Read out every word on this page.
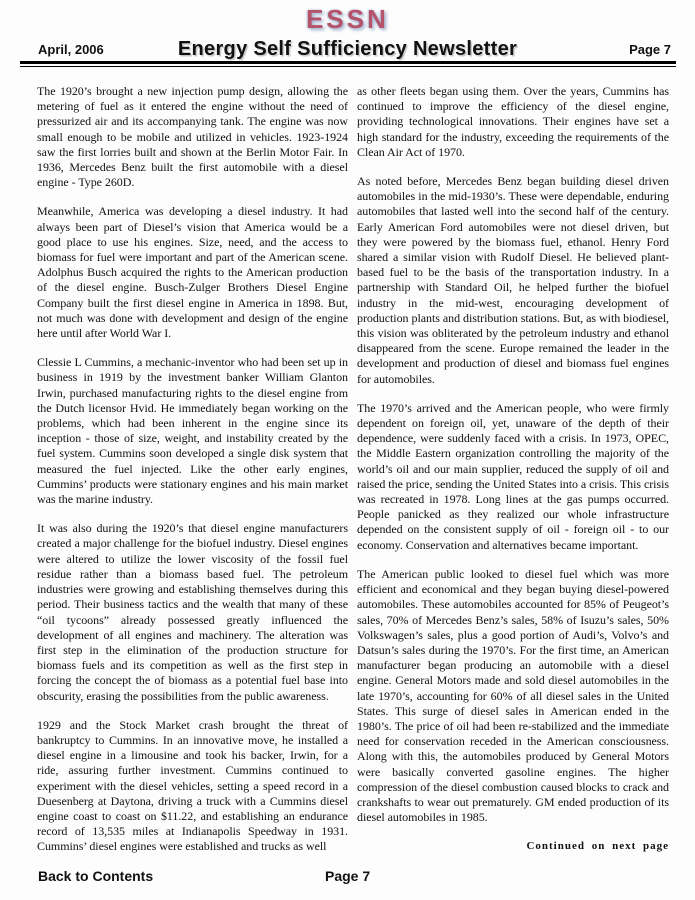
ESSN
April, 2006	Energy Self Sufficiency Newsletter	Page 7

The 1920’s brought a new injection pump design, allowing the metering of fuel as it entered the engine without the need of pressurized air and its accompanying tank. The engine was now small enough to be mobile and utilized in vehicles. 1923-1924 saw the first lorries built and shown at the Berlin Motor Fair. In 1936, Mercedes Benz built the first automobile with a diesel engine - Type 260D.

Meanwhile, America was developing a diesel industry. It had always been part of Diesel’s vision that America would be a good place to use his engines. Size, need, and the access to biomass for fuel were important and part of the American scene. Adolphus Busch acquired the rights to the American production of the diesel engine. Busch-Zulger Brothers Diesel Engine Company built the first diesel engine in America in 1898. But, not much was done with development and design of the engine here until after World War I.

Clessie L Cummins, a mechanic-inventor who had been set up in business in 1919 by the investment banker William Glanton Irwin, purchased manufacturing rights to the diesel engine from the Dutch licensor Hvid. He immediately began working on the problems, which had been inherent in the engine since its inception - those of size, weight, and instability created by the fuel system. Cummins soon developed a single disk system that measured the fuel injected. Like the other early engines, Cummins’ products were stationary engines and his main market was the marine industry.

It was also during the 1920’s that diesel engine manufacturers created a major challenge for the biofuel industry. Diesel engines were altered to utilize the lower viscosity of the fossil fuel residue rather than a biomass based fuel. The petroleum industries were growing and establishing themselves during this period. Their business tactics and the wealth that many of these “oil tycoons” already possessed greatly influenced the development of all engines and machinery. The alteration was first step in the elimination of the production structure for biomass fuels and its competition as well as the first step in forcing the concept the of biomass as a potential fuel base into obscurity, erasing the possibilities from the public awareness.

1929 and the Stock Market crash brought the threat of bankruptcy to Cummins. In an innovative move, he installed a diesel engine in a limousine and took his backer, Irwin, for a ride, assuring further investment. Cummins continued to experiment with the diesel vehicles, setting a speed record in a Duesenberg at Daytona, driving a truck with a Cummins diesel engine coast to coast on $11.22, and establishing an endurance record of 13,535 miles at Indianapolis Speedway in 1931. Cummins’ diesel engines were established and trucks as well

as other fleets began using them. Over the years, Cummins has continued to improve the efficiency of the diesel engine, providing technological innovations. Their engines have set a high standard for the industry, exceeding the requirements of the Clean Air Act of 1970.

As noted before, Mercedes Benz began building diesel driven automobiles in the mid-1930’s. These were dependable, enduring automobiles that lasted well into the second half of the century. Early American Ford automobiles were not diesel driven, but they were powered by the biomass fuel, ethanol. Henry Ford shared a similar vision with Rudolf Diesel. He believed plant-based fuel to be the basis of the transportation industry. In a partnership with Standard Oil, he helped further the biofuel industry in the mid-west, encouraging development of production plants and distribution stations. But, as with biodiesel, this vision was obliterated by the petroleum industry and ethanol disappeared from the scene. Europe remained the leader in the development and production of diesel and biomass fuel engines for automobiles.

The 1970’s arrived and the American people, who were firmly dependent on foreign oil, yet, unaware of the depth of their dependence, were suddenly faced with a crisis. In 1973, OPEC, the Middle Eastern organization controlling the majority of the world’s oil and our main supplier, reduced the supply of oil and raised the price, sending the United States into a crisis. This crisis was recreated in 1978. Long lines at the gas pumps occurred. People panicked as they realized our whole infrastructure depended on the consistent supply of oil - foreign oil - to our economy. Conservation and alternatives became important.

The American public looked to diesel fuel which was more efficient and economical and they began buying diesel-powered automobiles. These automobiles accounted for 85% of Peugeot’s sales, 70% of Mercedes Benz’s sales, 58% of Isuzu’s sales, 50% Volkswagen’s sales, plus a good portion of Audi’s, Volvo’s and Datsun’s sales during the 1970’s. For the first time, an American manufacturer began producing an automobile with a diesel engine. General Motors made and sold diesel automobiles in the late 1970’s, accounting for 60% of all diesel sales in the United States. This surge of diesel sales in American ended in the 1980’s. The price of oil had been re-stabilized and the immediate need for conservation receded in the American consciousness. Along with this, the automobiles produced by General Motors were basically converted gasoline engines. The higher compression of the diesel combustion caused blocks to crack and crankshafts to wear out prematurely. GM ended production of its diesel automobiles in 1985.

Continued on next page
Back to Contents	Page 7
